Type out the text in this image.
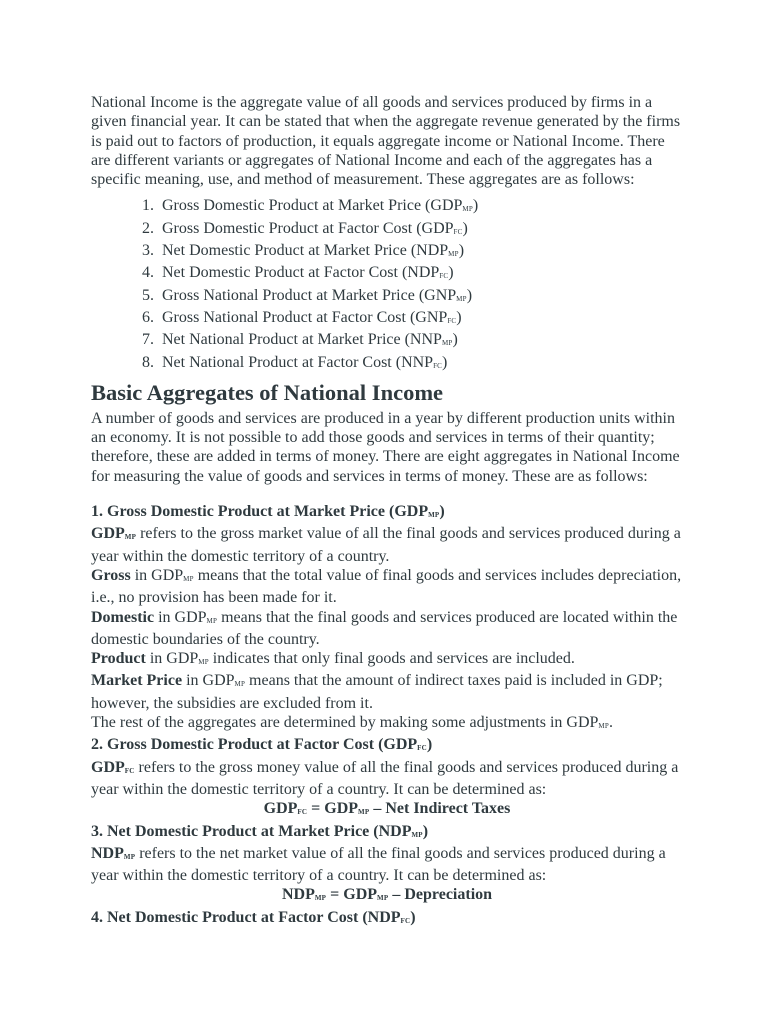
National Income is the aggregate value of all goods and services produced by firms in a given financial year. It can be stated that when the aggregate revenue generated by the firms is paid out to factors of production, it equals aggregate income or National Income. There are different variants or aggregates of National Income and each of the aggregates has a specific meaning, use, and method of measurement. These aggregates are as follows:

1. Gross Domestic Product at Market Price (GDPMP)
2. Gross Domestic Product at Factor Cost (GDPFC)
3. Net Domestic Product at Market Price (NDPMP)
4. Net Domestic Product at Factor Cost (NDPFC)
5. Gross National Product at Market Price (GNPMP)
6. Gross National Product at Factor Cost (GNPFC)
7. Net National Product at Market Price (NNPMP)
8. Net National Product at Factor Cost (NNPFC)
Basic Aggregates of National Income

A number of goods and services are produced in a year by different production units within an economy. It is not possible to add those goods and services in terms of their quantity; therefore, these are added in terms of money. There are eight aggregates in National Income for measuring the value of goods and services in terms of money. These are as follows:

1. Gross Domestic Product at Market Price (GDPMP)

GDPMP refers to the gross market value of all the final goods and services produced during a year within the domestic territory of a country.

Gross in GDPMP means that the total value of final goods and services includes depreciation, i.e., no provision has been made for it.

Domestic in GDPMP means that the final goods and services produced are located within the domestic boundaries of the country.

Product in GDPMP indicates that only final goods and services are included.

Market Price in GDPMP means that the amount of indirect taxes paid is included in GDP; however, the subsidies are excluded from it.

The rest of the aggregates are determined by making some adjustments in GDPMP.

2. Gross Domestic Product at Factor Cost (GDPFC)

GDPFC refers to the gross money value of all the final goods and services produced during a year within the domestic territory of a country. It can be determined as:

GDPFC = GDPMP – Net Indirect Taxes

3. Net Domestic Product at Market Price (NDPMP)

NDPMP refers to the net market value of all the final goods and services produced during a year within the domestic territory of a country. It can be determined as:

NDPMP = GDPMP – Depreciation

4. Net Domestic Product at Factor Cost (NDPFC)
